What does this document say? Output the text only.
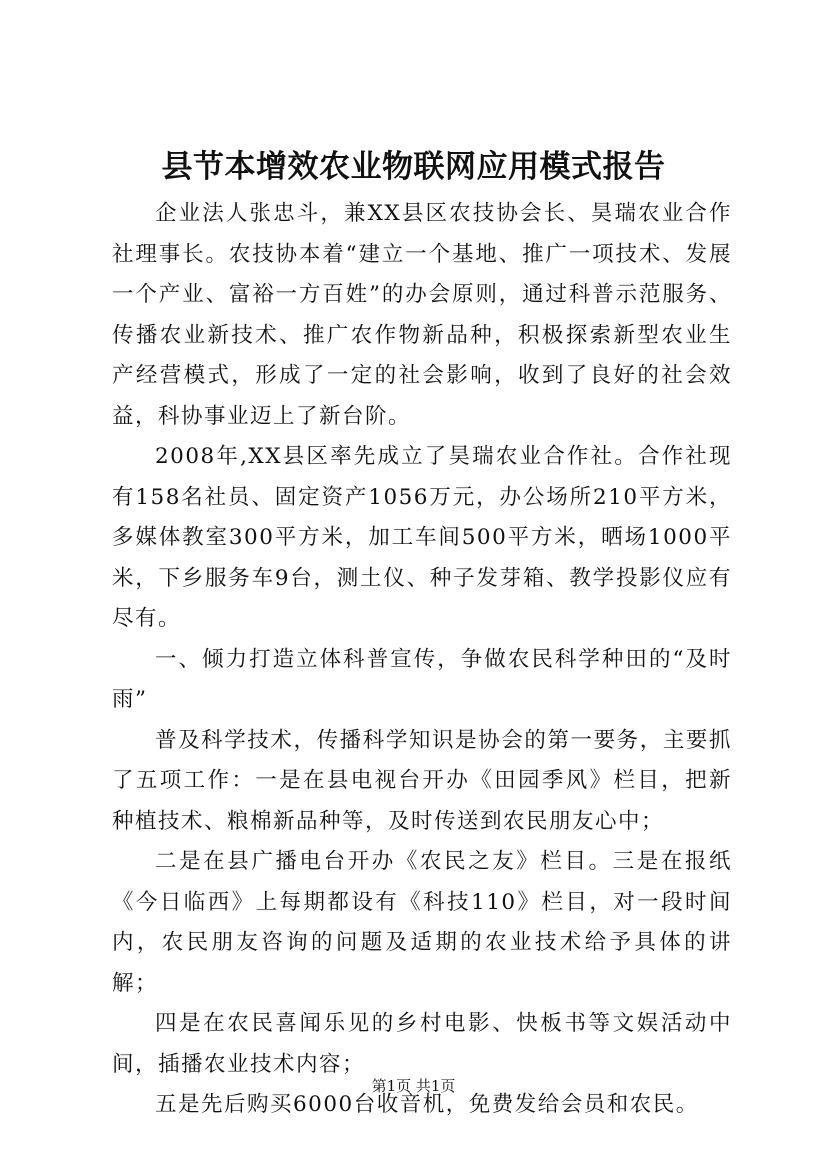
县节本增效农业物联网应用模式报告

企业法人张忠斗，兼XX县区农技协会长、昊瑞农业合作社理事长。农技协本着“建立一个基地、推广一项技术、发展一个产业、富裕一方百姓”的办会原则，通过科普示范服务、传播农业新技术、推广农作物新品种，积极探索新型农业生产经营模式，形成了一定的社会影响，收到了良好的社会效益，科协事业迈上了新台阶。

2008年,XX县区率先成立了昊瑞农业合作社。合作社现有158名社员、固定资产1056万元，办公场所210平方米，多媒体教室300平方米，加工车间500平方米，晒场1000平米，下乡服务车9台，测土仪、种子发芽箱、教学投影仪应有尽有。

一、倾力打造立体科普宣传，争做农民科学种田的“及时雨”

普及科学技术，传播科学知识是协会的第一要务，主要抓了五项工作：一是在县电视台开办《田园季风》栏目，把新种植技术、粮棉新品种等，及时传送到农民朋友心中；

二是在县广播电台开办《农民之友》栏目。三是在报纸《今日临西》上每期都设有《科技110》栏目，对一段时间内，农民朋友咨询的问题及适期的农业技术给予具体的讲解；

四是在农民喜闻乐见的乡村电影、快板书等文娱活动中间，插播农业技术内容；

五是先后购买6000台收音机，免费发给会员和农民。

第1页 共1页
